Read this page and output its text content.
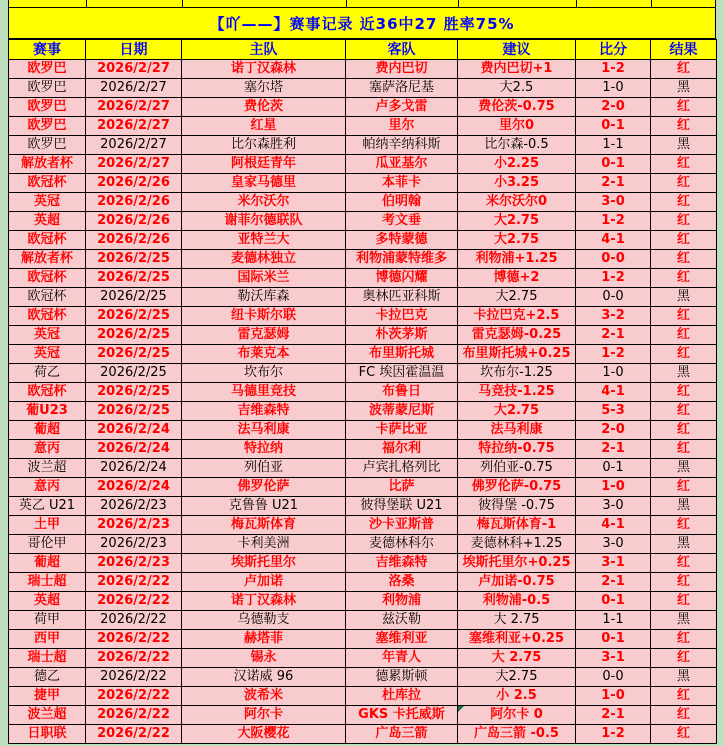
【吖——】赛事记录 近36中27 胜率75%
赛事	日期	主队	客队	建议	比分	结果
欧罗巴	2026/2/27	诺丁汉森林	费内巴切	费内巴切+1	1-2	红
欧罗巴	2026/2/27	塞尔塔	塞萨洛尼基	大2.5	1-0	黑
欧罗巴	2026/2/27	费伦茨	卢多戈雷	费伦茨-0.75	2-0	红
欧罗巴	2026/2/27	红星	里尔	里尔0	0-1	红
欧罗巴	2026/2/27	比尔森胜利	帕纳辛纳科斯	比尔森-0.5	1-1	黑
解放者杯	2026/2/27	阿根廷青年	瓜亚基尔	小2.25	0-1	红
欧冠杯	2026/2/26	皇家马德里	本菲卡	小3.25	2-1	红
英冠	2026/2/26	米尔沃尔	伯明翰	米尔沃尔0	3-0	红
英超	2026/2/26	谢菲尔德联队	考文垂	大2.75	1-2	红
欧冠杯	2026/2/26	亚特兰大	多特蒙德	大2.75	4-1	红
解放者杯	2026/2/25	麦德林独立	利物浦蒙特维多	利物浦+1.25	0-0	红
欧冠杯	2026/2/25	国际米兰	博德闪耀	博德+2	1-2	红
欧冠杯	2026/2/25	勒沃库森	奥林匹亚科斯	大2.75	0-0	黑
欧冠杯	2026/2/25	纽卡斯尔联	卡拉巴克	卡拉巴克+2.5	3-2	红
英冠	2026/2/25	雷克瑟姆	朴茨茅斯	雷克瑟姆-0.25	2-1	红
英冠	2026/2/25	布莱克本	布里斯托城	布里斯托城+0.25	1-2	红
荷乙	2026/2/25	坎布尔	FC 埃因霍温温	坎布尔-1.25	1-0	黑
欧冠杯	2026/2/25	马德里竞技	布鲁日	马竞技-1.25	4-1	红
葡U23	2026/2/25	吉维森特	波蒂蒙尼斯	大2.75	5-3	红
葡超	2026/2/24	法马利康	卡萨比亚	法马利康	2-0	红
意丙	2026/2/24	特拉纳	福尔利	特拉纳-0.75	2-1	红
波兰超	2026/2/24	列伯亚	卢宾扎格列比	列伯亚-0.75	0-1	黑
意丙	2026/2/24	佛罗伦萨	比萨	佛罗伦萨-0.75	1-0	红
英乙 U21	2026/2/23	克鲁鲁 U21	彼得堡联 U21	彼得堡 -0.75	3-0	黑
土甲	2026/2/23	梅瓦斯体育	沙卡亚斯普	梅瓦斯体育-1	4-1	红
哥伦甲	2026/2/23	卡利美洲	麦德林科尔	麦德林科+1.25	3-0	黑
葡超	2026/2/23	埃斯托里尔	吉维森特	埃斯托里尔+0.25	3-1	红
瑞士超	2026/2/22	卢加诺	洛桑	卢加诺-0.75	2-1	红
英超	2026/2/22	诺丁汉森林	利物浦	利物浦-0.5	0-1	红
荷甲	2026/2/22	乌德勒支	兹沃勒	大 2.75	1-1	黑
西甲	2026/2/22	赫塔菲	塞维利亚	塞维利亚+0.25	0-1	红
瑞士超	2026/2/22	锡永	年青人	大 2.75	3-1	红
德乙	2026/2/22	汉诺威 96	德累斯顿	大2.75	0-0	黑
捷甲	2026/2/22	波希米	杜库拉	小 2.5	1-0	红
波兰超	2026/2/22	阿尔卡	GKS 卡托威斯	阿尔卡 0	2-1	红
日职联	2026/2/22	大阪樱花	广岛三箭	广岛三箭 -0.5	1-2	红
